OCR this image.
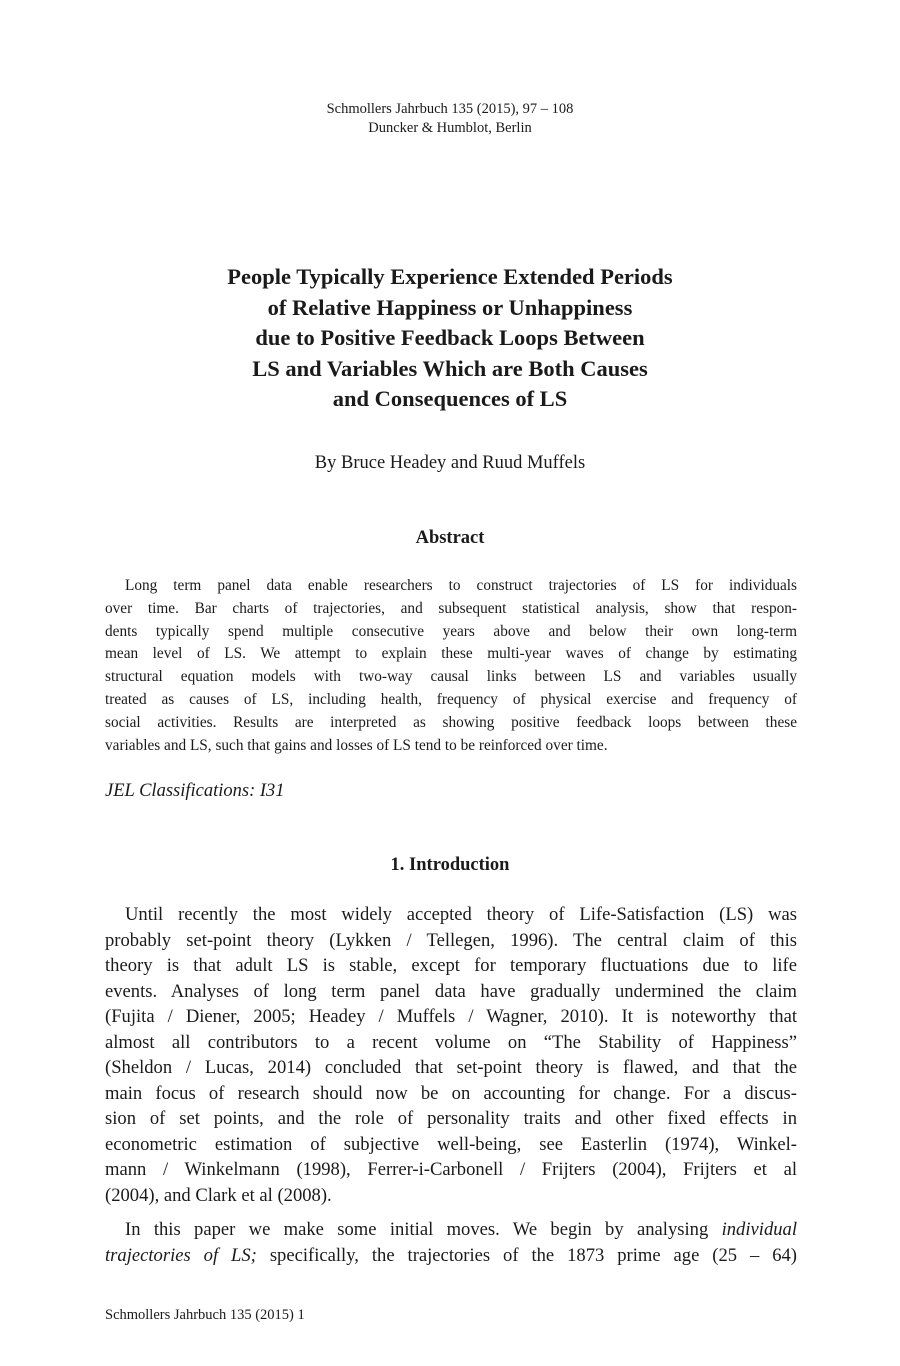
Schmollers Jahrbuch 135 (2015), 97 – 108
Duncker & Humblot, Berlin
People Typically Experience Extended Periods
of Relative Happiness or Unhappiness
due to Positive Feedback Loops Between
LS and Variables Which are Both Causes
and Consequences of LS
By Bruce Headey and Ruud Muffels
Abstract
Long term panel data enable researchers to construct trajectories of LS for individuals
over time. Bar charts of trajectories, and subsequent statistical analysis, show that respon-
dents typically spend multiple consecutive years above and below their own long-term
mean level of LS. We attempt to explain these multi-year waves of change by estimating
structural equation models with two-way causal links between LS and variables usually
treated as causes of LS, including health, frequency of physical exercise and frequency of
social activities. Results are interpreted as showing positive feedback loops between these
variables and LS, such that gains and losses of LS tend to be reinforced over time.
JEL Classifications: I31
1. Introduction
Until recently the most widely accepted theory of Life-Satisfaction (LS) was
probably set-point theory (Lykken / Tellegen, 1996). The central claim of this
theory is that adult LS is stable, except for temporary fluctuations due to life
events. Analyses of long term panel data have gradually undermined the claim
(Fujita / Diener, 2005; Headey / Muffels / Wagner, 2010). It is noteworthy that
almost all contributors to a recent volume on “The Stability of Happiness”
(Sheldon / Lucas, 2014) concluded that set-point theory is flawed, and that the
main focus of research should now be on accounting for change. For a discus-
sion of set points, and the role of personality traits and other fixed effects in
econometric estimation of subjective well-being, see Easterlin (1974), Winkel-
mann / Winkelmann (1998), Ferrer-i-Carbonell / Frijters (2004), Frijters et al
(2004), and Clark et al (2008).
In this paper we make some initial moves. We begin by analysing individual
trajectories of LS; specifically, the trajectories of the 1873 prime age (25 – 64)
Schmollers Jahrbuch 135 (2015) 1
